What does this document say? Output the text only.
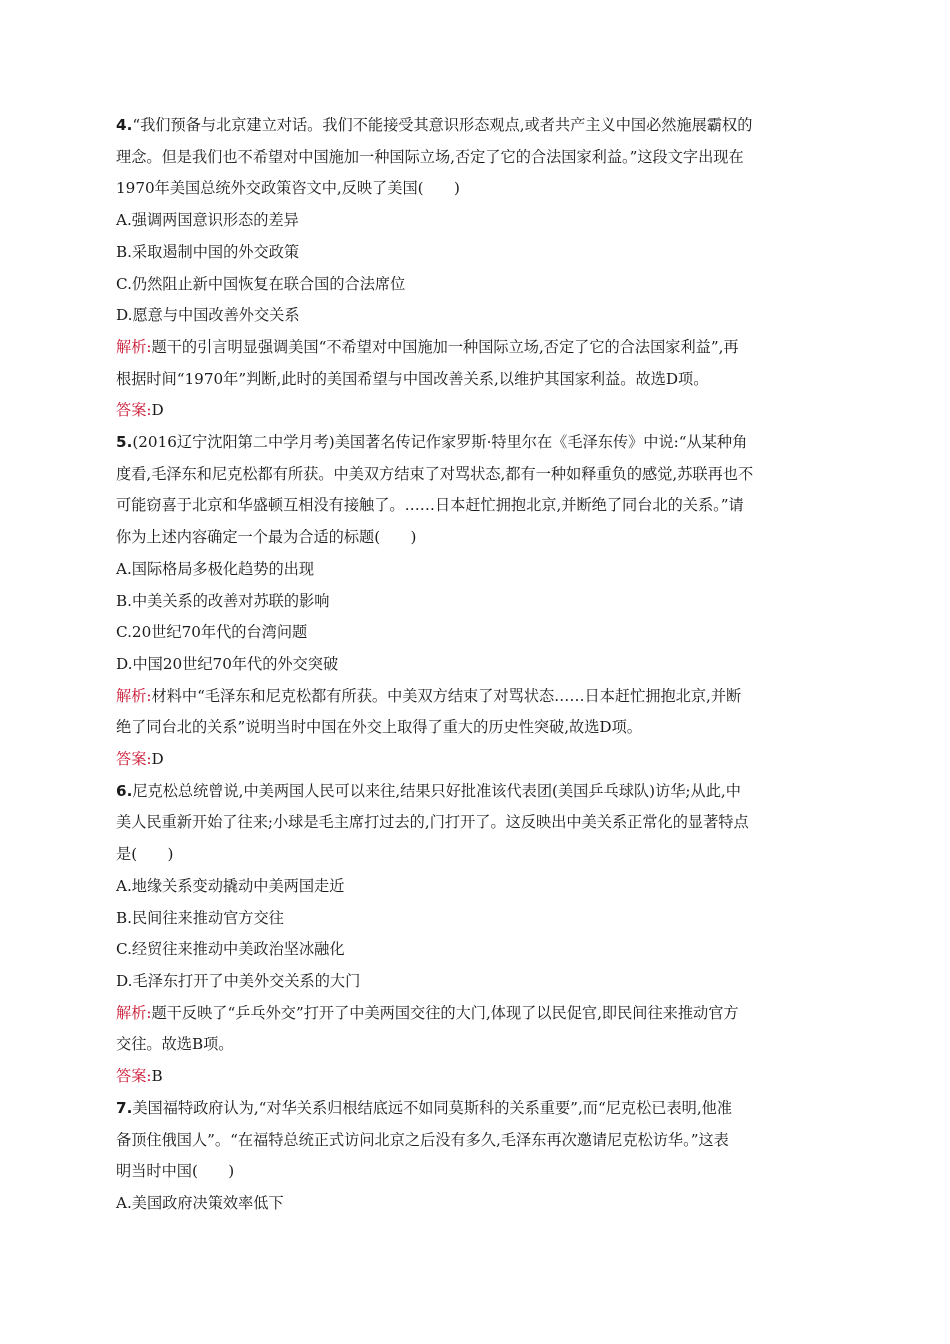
4.“我们预备与北京建立对话。我们不能接受其意识形态观点,或者共产主义中国必然施展霸权的
理念。但是我们也不希望对中国施加一种国际立场,否定了它的合法国家利益。”这段文字出现在
1970年美国总统外交政策咨文中,反映了美国(　　)
A.强调两国意识形态的差异
B.采取遏制中国的外交政策
C.仍然阻止新中国恢复在联合国的合法席位
D.愿意与中国改善外交关系
解析:题干的引言明显强调美国“不希望对中国施加一种国际立场,否定了它的合法国家利益”,再
根据时间“1970年”判断,此时的美国希望与中国改善关系,以维护其国家利益。故选D项。
答案:D
5.(2016辽宁沈阳第二中学月考)美国著名传记作家罗斯·特里尔在《毛泽东传》中说:“从某种角
度看,毛泽东和尼克松都有所获。中美双方结束了对骂状态,都有一种如释重负的感觉,苏联再也不
可能窃喜于北京和华盛顿互相没有接触了。……日本赶忙拥抱北京,并断绝了同台北的关系。”请
你为上述内容确定一个最为合适的标题(　　)
A.国际格局多极化趋势的出现
B.中美关系的改善对苏联的影响
C.20世纪70年代的台湾问题
D.中国20世纪70年代的外交突破
解析:材料中“毛泽东和尼克松都有所获。中美双方结束了对骂状态……日本赶忙拥抱北京,并断
绝了同台北的关系”说明当时中国在外交上取得了重大的历史性突破,故选D项。
答案:D
6.尼克松总统曾说,中美两国人民可以来往,结果只好批准该代表团(美国乒乓球队)访华;从此,中
美人民重新开始了往来;小球是毛主席打过去的,门打开了。这反映出中美关系正常化的显著特点
是(　　)
A.地缘关系变动撬动中美两国走近
B.民间往来推动官方交往
C.经贸往来推动中美政治坚冰融化
D.毛泽东打开了中美外交关系的大门
解析:题干反映了“乒乓外交”打开了中美两国交往的大门,体现了以民促官,即民间往来推动官方
交往。故选B项。
答案:B
7.美国福特政府认为,“对华关系归根结底远不如同莫斯科的关系重要”,而“尼克松已表明,他准
备顶住俄国人”。“在福特总统正式访问北京之后没有多久,毛泽东再次邀请尼克松访华。”这表
明当时中国(　　)
A.美国政府决策效率低下
